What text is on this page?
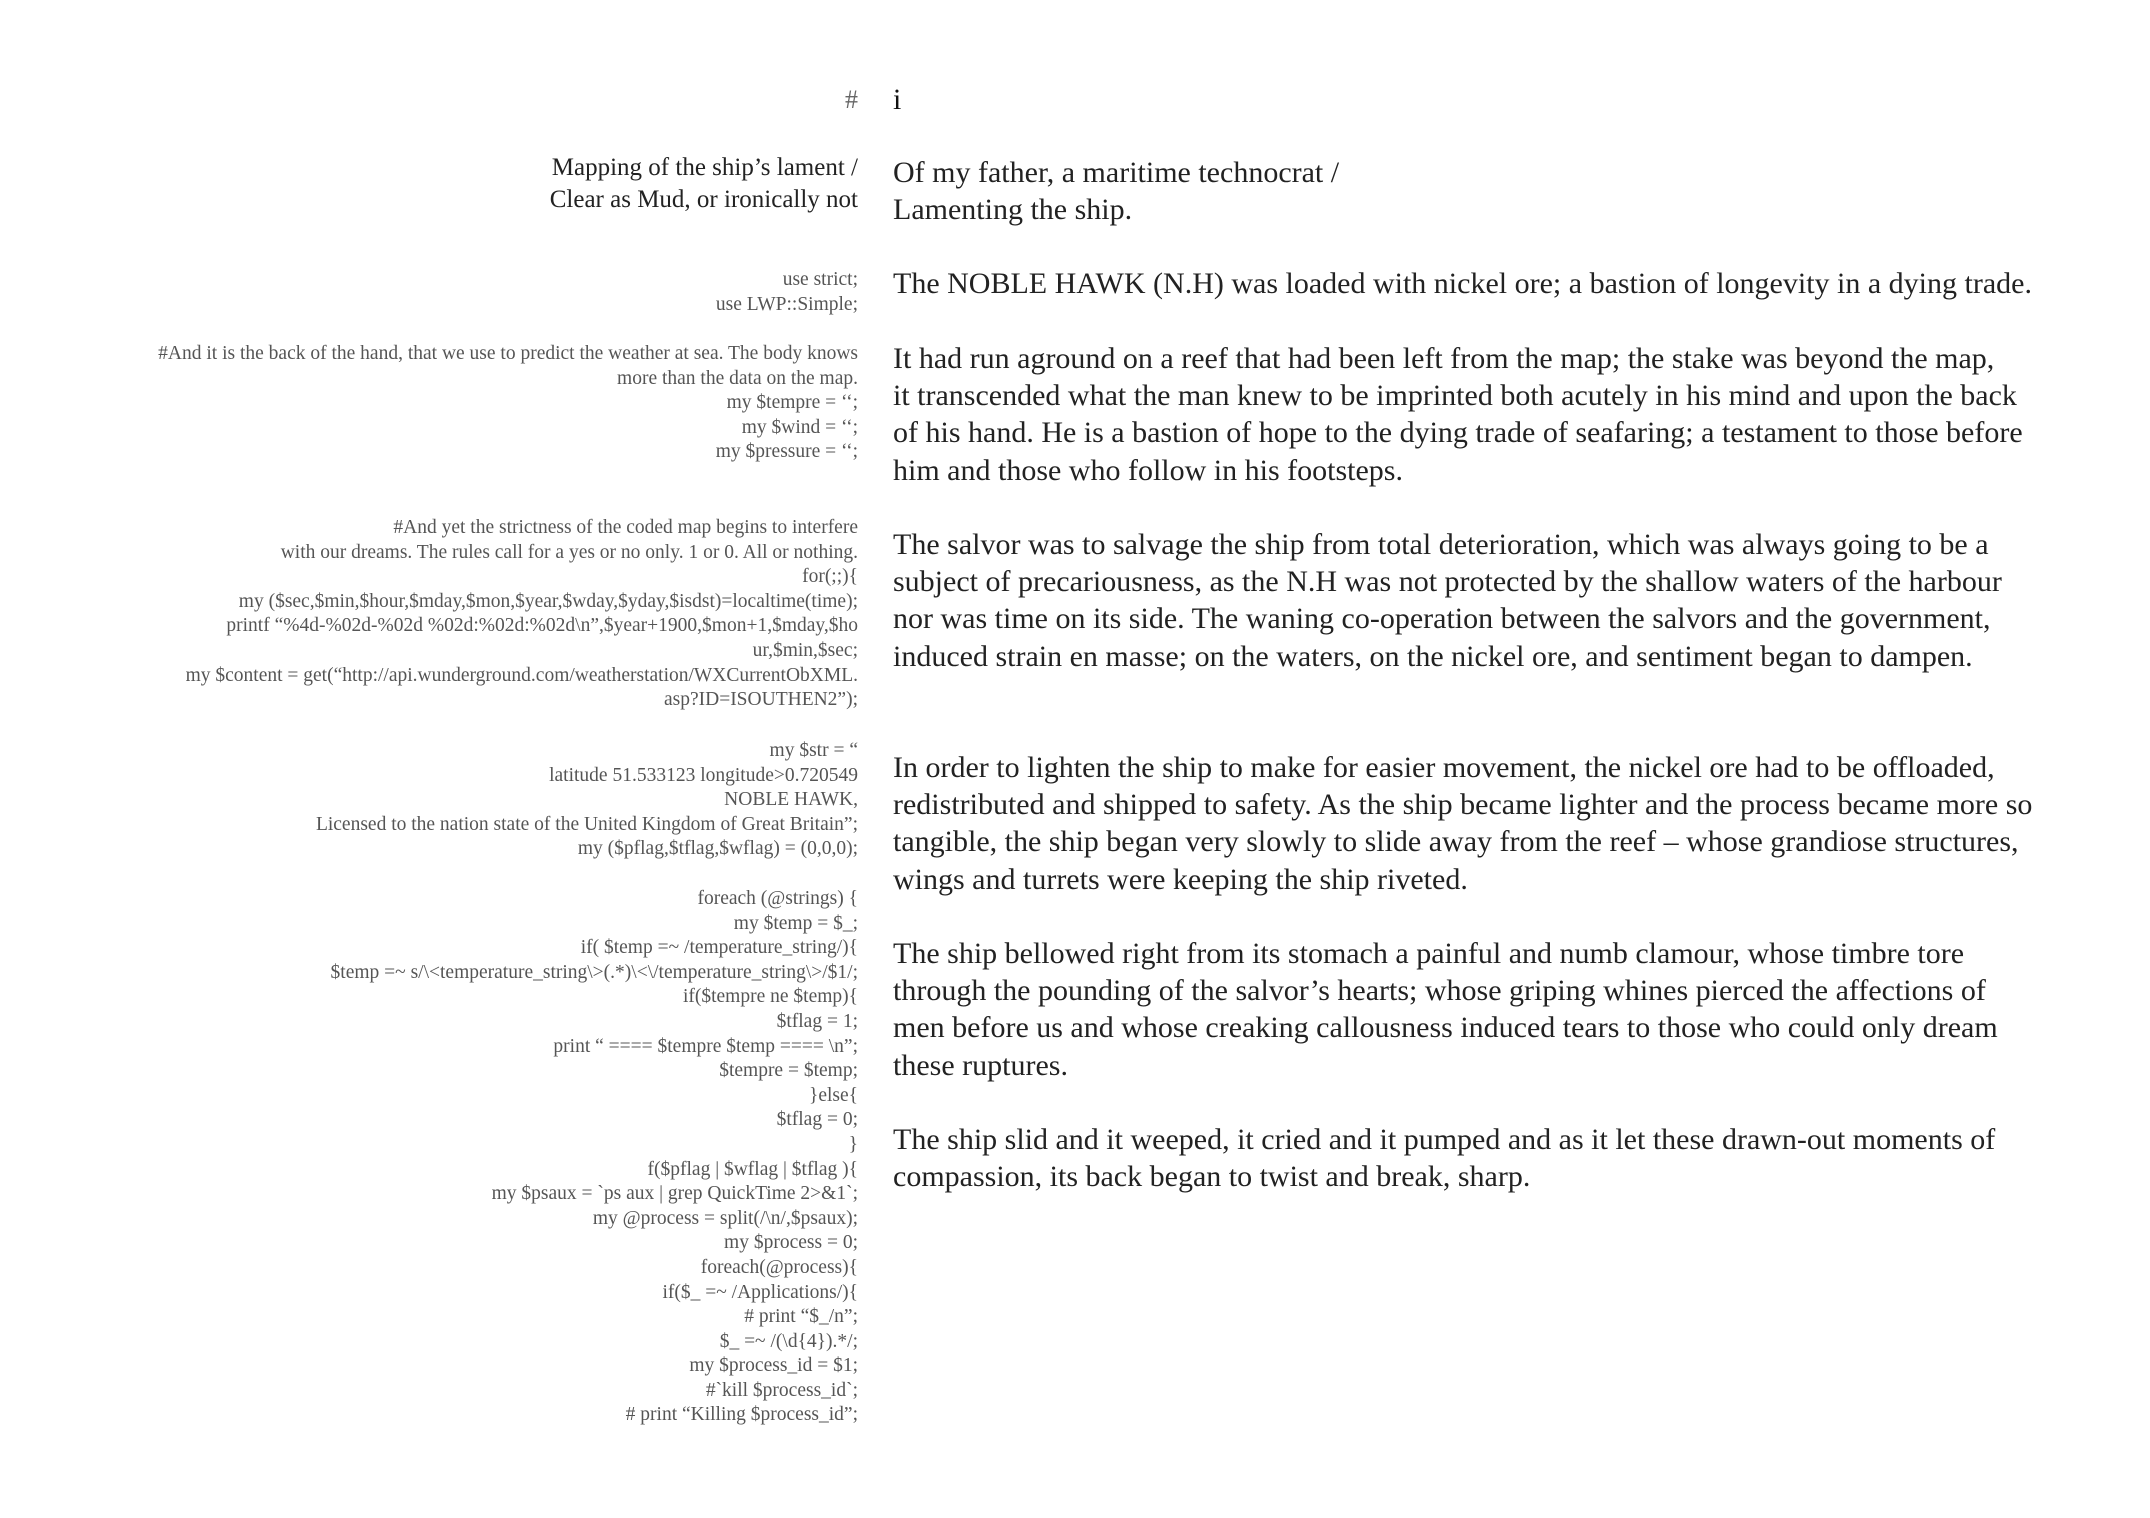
# i
Mapping of the ship’s lament /
Clear as Mud, or ironically not
Of my father, a maritime technocrat /
Lamenting the ship.
use strict;
use LWP::Simple;
#And it is the back of the hand, that we use to predict the weather at sea. The body knows
more than the data on the map.
my $tempre = ‘‘;
my $wind = ‘‘;
my $pressure = ‘‘;
#And yet the strictness of the coded map begins to interfere
with our dreams. The rules call for a yes or no only. 1 or 0. All or nothing.
for(;;){
my ($sec,$min,$hour,$mday,$mon,$year,$wday,$yday,$isdst)=localtime(time);
printf “%4d-%02d-%02d %02d:%02d:%02d\n”,$year+1900,$mon+1,$mday,$ho
ur,$min,$sec;
my $content = get(“http://api.wunderground.com/weatherstation/WXCurrentObXML.
asp?ID=ISOUTHEN2”);
my $str = “
latitude 51.533123 longitude>0.720549
NOBLE HAWK,
Licensed to the nation state of the United Kingdom of Great Britain”;
my ($pflag,$tflag,$wflag) = (0,0,0);
foreach (@strings) {
my $temp = $_;
if( $temp =~ /temperature_string/){
$temp =~ s/\<temperature_string\>(.*)\<\/temperature_string\>/$1/;
if($tempre ne $temp){
$tflag = 1;
print “ ==== $tempre $temp ==== \n”;
$tempre = $temp;
}else{
$tflag = 0;
}
f($pflag | $wflag | $tflag ){
my $psaux = `ps aux | grep QuickTime 2>&1`;
my @process = split(/\n/,$psaux);
my $process = 0;
foreach(@process){
if($_ =~ /Applications/){
# print “$_/n”;
$_ =~ /(\d{4}).*/;
my $process_id = $1;
#`kill $process_id`;
# print “Killing $process_id”;
The NOBLE HAWK (N.H) was loaded with nickel ore; a bastion of longevity in a dying trade.
It had run aground on a reef that had been left from the map; the stake was beyond the map,
it transcended what the man knew to be imprinted both acutely in his mind and upon the back
of his hand. He is a bastion of hope to the dying trade of seafaring; a testament to those before
him and those who follow in his footsteps.
The salvor was to salvage the ship from total deterioration, which was always going to be a
subject of precariousness, as the N.H was not protected by the shallow waters of the harbour
nor was time on its side. The waning co-operation between the salvors and the government,
induced strain en masse; on the waters, on the nickel ore, and sentiment began to dampen.
In order to lighten the ship to make for easier movement, the nickel ore had to be offloaded,
redistributed and shipped to safety. As the ship became lighter and the process became more so
tangible, the ship began very slowly to slide away from the reef – whose grandiose structures,
wings and turrets were keeping the ship riveted.
The ship bellowed right from its stomach a painful and numb clamour, whose timbre tore
through the pounding of the salvor’s hearts; whose griping whines pierced the affections of
men before us and whose creaking callousness induced tears to those who could only dream
these ruptures.
The ship slid and it weeped, it cried and it pumped and as it let these drawn-out moments of
compassion, its back began to twist and break, sharp.
